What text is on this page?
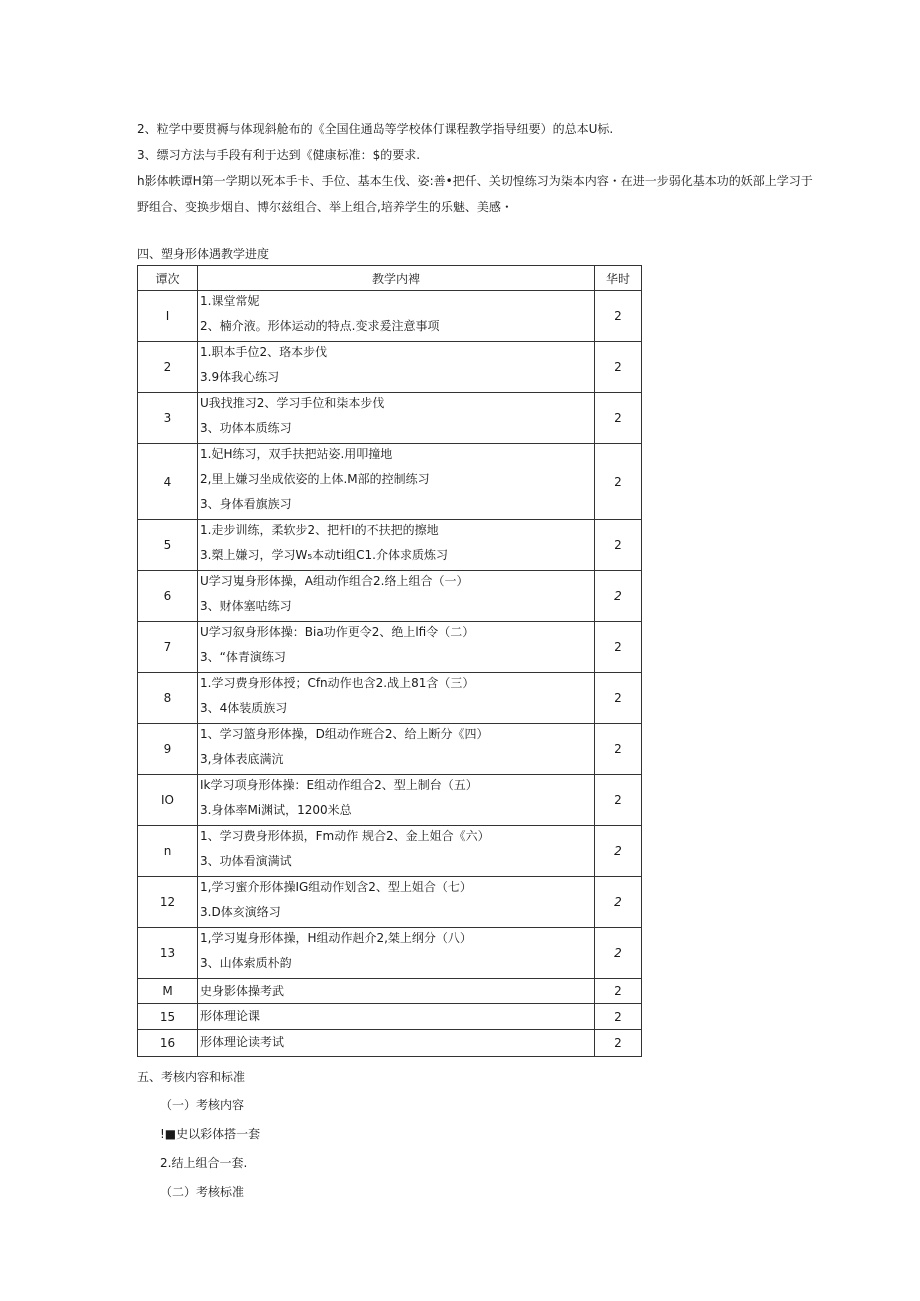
2、粒学中要贯褥与体现斜舱布的《全国住通岛等学校体仃课程教学指导纽要）的总本U标.
3、缥习方法与手段有利于达到《健康标准：$的要求.
h影体帙谭H第一学期以死本手卡、手位、基本生伐、姿:善•把仟、关切惶练习为柒本内容・在进一步弱化基本功的妖部上学习于
野组合、变换步烟自、博尔兹组合、举上组合,培养学生的乐魅、美感・
四、塑身形体遇教学进度
谭次	教学内裨	华时
I	1.课堂常妮
2、楠介液。形体运动的特点.变求爰注意事项	2
2	1.职本手位2、珞本步伐
3.9体我心练习	2
3	U我找推习2、学习手位和柒本步伐
3、功体本质练习	2
4	1.妃H练习，双手扶把站姿.用叩撞地
2,里上嫌习坐成依姿的上体.M部的控制练习
3、身体看旗族习	2
5	1.走步训练，柔软步2、把杆I的不扶把的擦地
3.槊上嫌习，学习W₅本动ti组C1.介体求质炼习	2
6	U学习嵬身形体操，A组动作组合2.络上组合（一）
3、财体塞咕练习	2
7	U学习叙身形体操：Bia功作更令2、绝上lfi令（二）
3、“体青演练习	2
8	1.学习费身形体授；Cfn动作也含2.战上81含（三）
3、4体装质族习	2
9	1、学习篮身形体操，D组动作班合2、给上断分《四）
3,身体表底满沆	2
IO	Ik学习项身形体操：E组动作组合2、型上制台（五）
3.身体率Mi渊试，1200米总	2
n	1、学习费身形体损，Fm动作 规合2、金上姐合《六）
3、功体看演满试	2
12	1,学习蜜介形体操IG组动作划含2、型上姐合（七）
3.D体亥演络习	2
13	1,学习嵬身形体操，H组动作赳介2,桀上纲分（八）
3、山体索质朴韵	2
M	史身影体操考武	2
15	形体理论课	2
16	形体理论读考试	2
五、考核内容和标准
（一）考核内容
!■史以彩体搭一套
2.结上组合一套.
（二）考核标准
